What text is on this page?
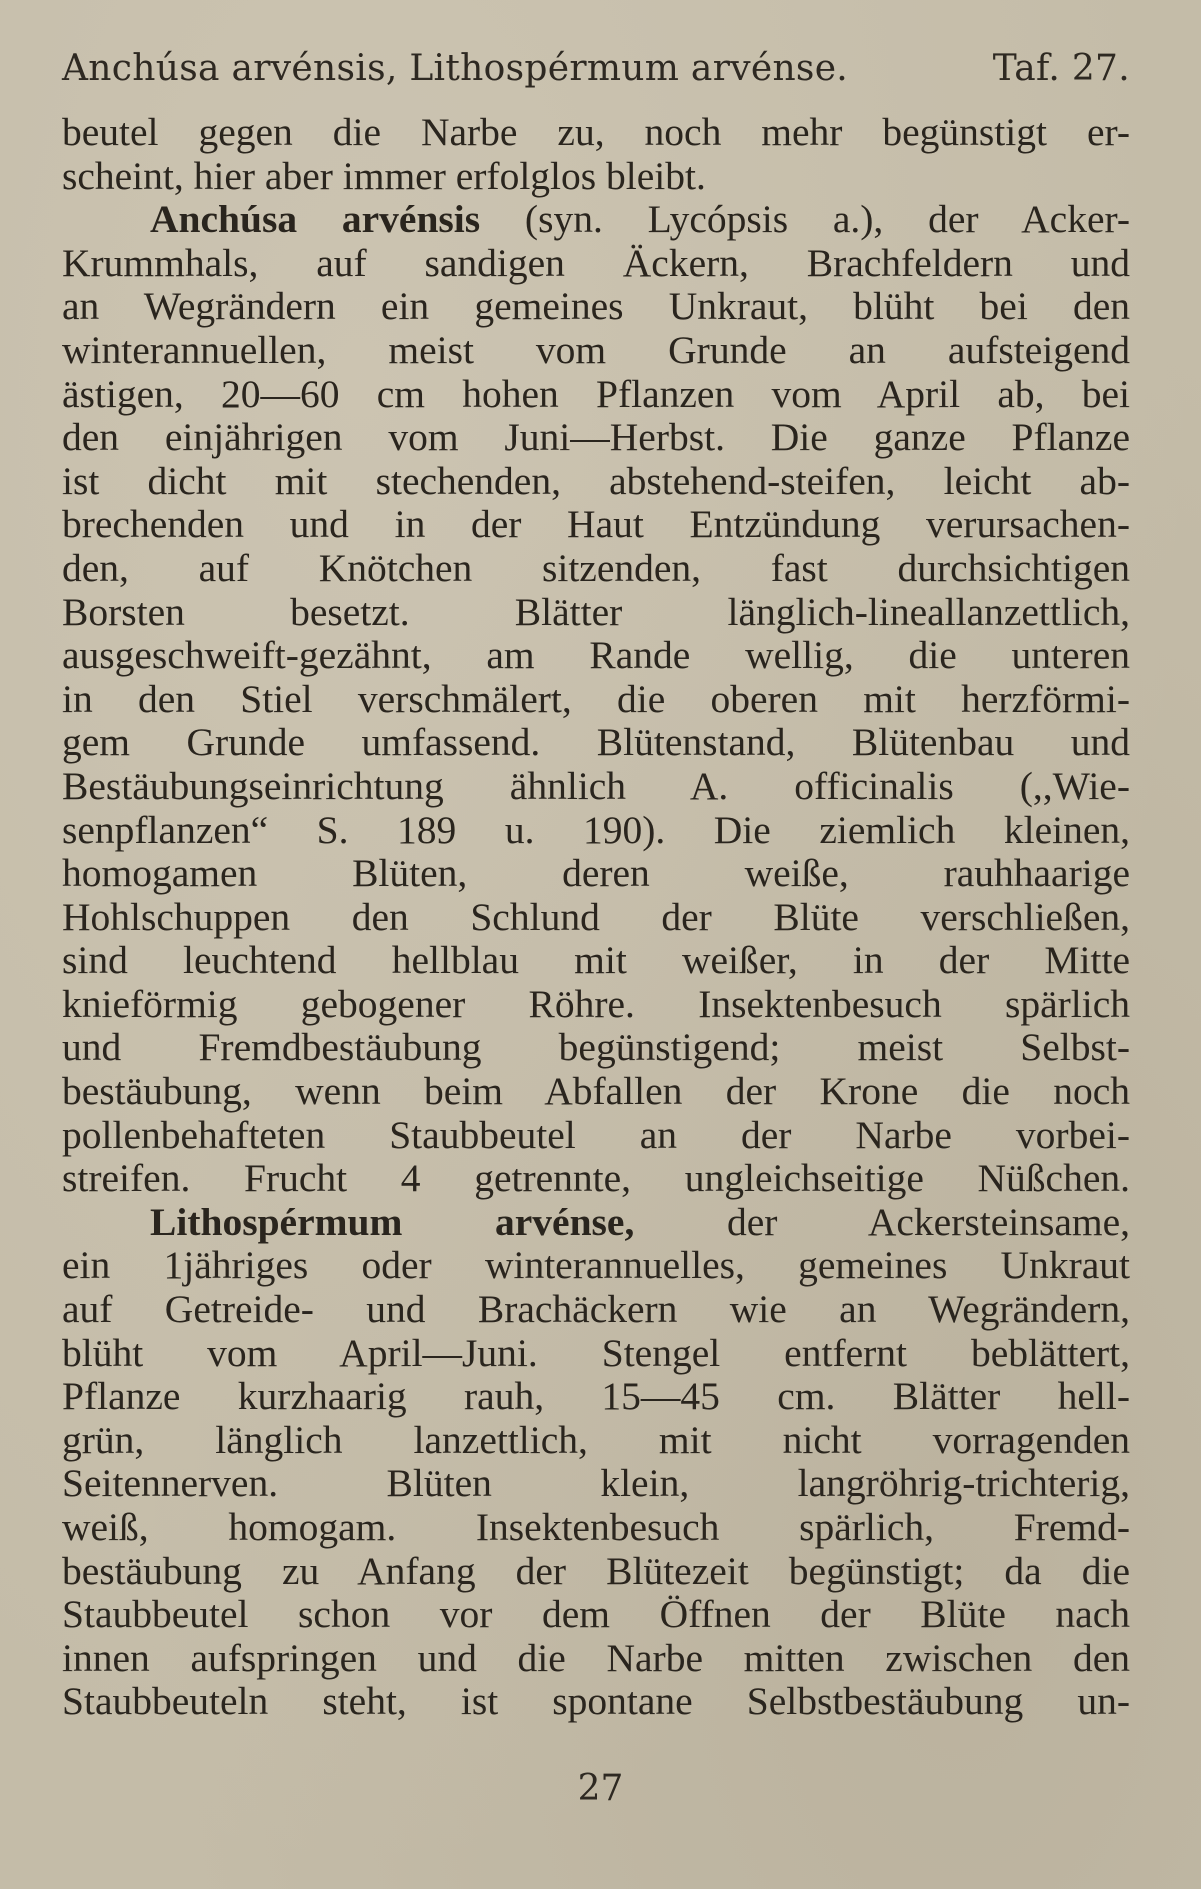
Anchúsa arvénsis, Lithospérmum arvénse.	Taf. 27.

beutel gegen die Narbe zu, noch mehr begünstigt er-
scheint, hier aber immer erfolglos bleibt.

Anchúsa arvénsis (syn. Lycópsis a.), der Acker-
Krummhals, auf sandigen Äckern, Brachfeldern und
an Wegrändern ein gemeines Unkraut, blüht bei den
winterannuellen, meist vom Grunde an aufsteigend
ästigen, 20—60 cm hohen Pflanzen vom April ab, bei
den einjährigen vom Juni—Herbst. Die ganze Pflanze
ist dicht mit stechenden, abstehend-steifen, leicht ab-
brechenden und in der Haut Entzündung verursachen-
den, auf Knötchen sitzenden, fast durchsichtigen
Borsten besetzt. Blätter länglich-lineallanzettlich,
ausgeschweift-gezähnt, am Rande wellig, die unteren
in den Stiel verschmälert, die oberen mit herzförmi-
gem Grunde umfassend. Blütenstand, Blütenbau und
Bestäubungseinrichtung ähnlich A. officinalis (,,Wie-
senpflanzen“ S. 189 u. 190). Die ziemlich kleinen,
homogamen Blüten, deren weiße, rauhhaarige
Hohlschuppen den Schlund der Blüte verschließen,
sind leuchtend hellblau mit weißer, in der Mitte
knieförmig gebogener Röhre. Insektenbesuch spärlich
und Fremdbestäubung begünstigend; meist Selbst-
bestäubung, wenn beim Abfallen der Krone die noch
pollenbehafteten Staubbeutel an der Narbe vorbei-
streifen. Frucht 4 getrennte, ungleichseitige Nüßchen.

Lithospérmum arvénse, der Ackersteinsame,
ein 1jähriges oder winterannuelles, gemeines Unkraut
auf Getreide- und Brachäckern wie an Wegrändern,
blüht vom April—Juni. Stengel entfernt beblättert,
Pflanze kurzhaarig rauh, 15—45 cm. Blätter hell-
grün, länglich lanzettlich, mit nicht vorragenden
Seitennerven. Blüten klein, langröhrig-trichterig,
weiß, homogam. Insektenbesuch spärlich, Fremd-
bestäubung zu Anfang der Blütezeit begünstigt; da die
Staubbeutel schon vor dem Öffnen der Blüte nach
innen aufspringen und die Narbe mitten zwischen den
Staubbeuteln steht, ist spontane Selbstbestäubung un-

27
